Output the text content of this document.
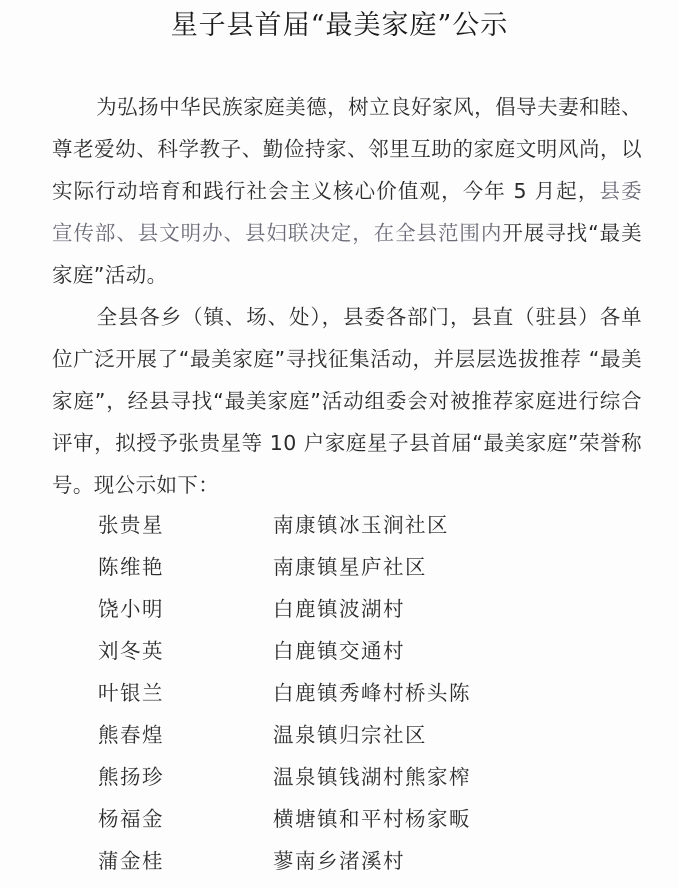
星子县首届“最美家庭”公示

为弘扬中华民族家庭美德，树立良好家风，倡导夫妻和睦、尊老爱幼、科学教子、勤俭持家、邻里互助的家庭文明风尚，以实际行动培育和践行社会主义核心价值观，今年 5 月起，县委宣传部、县文明办、县妇联决定，在全县范围内开展寻找“最美家庭”活动。

全县各乡（镇、场、处），县委各部门，县直（驻县）各单位广泛开展了“最美家庭”寻找征集活动，并层层选拔推荐 “最美家庭”，经县寻找“最美家庭”活动组委会对被推荐家庭进行综合评审，拟授予张贵星等 10 户家庭星子县首届“最美家庭”荣誉称号。现公示如下：

张贵星	南康镇冰玉涧社区
陈维艳	南康镇星庐社区
饶小明	白鹿镇波湖村
刘冬英	白鹿镇交通村
叶银兰	白鹿镇秀峰村桥头陈
熊春煌	温泉镇归宗社区
熊扬珍	温泉镇钱湖村熊家榨
杨福金	横塘镇和平村杨家畈
蒲金桂	蓼南乡渚溪村
